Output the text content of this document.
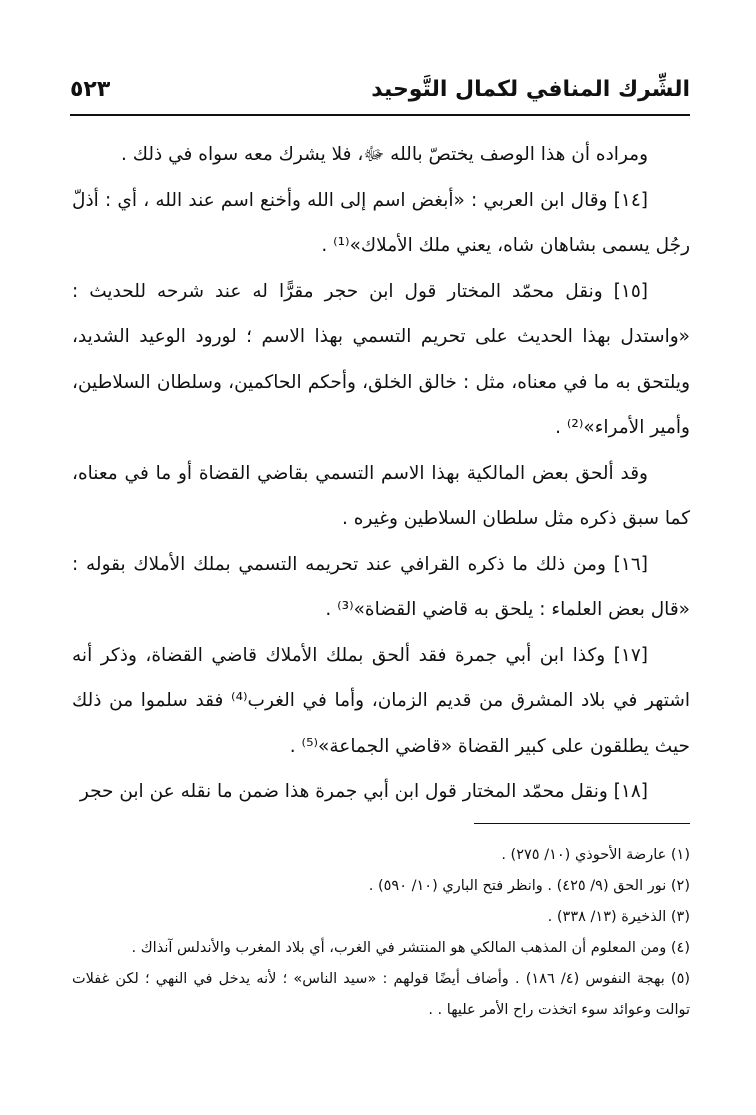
الشِّرك المنافي لكمال التَّوحيد
٥٢٣

ومراده أن هذا الوصف يختصّ بالله ﷻ، فلا يشرك معه سواه في ذلك .

[١٤] وقال ابن العربي : «أبغض اسم إلى الله وأخنع اسم عند الله ، أي : أذلّ رجُل يسمى بشاهان شاه، يعني ملك الأملاك»⁽¹⁾ .

[١٥] ونقل محمّد المختار قول ابن حجر مقرًّا له عند شرحه للحديث : «واستدل بهذا الحديث على تحريم التسمي بهذا الاسم ؛ لورود الوعيد الشديد، ويلتحق به ما في معناه، مثل : خالق الخلق، وأحكم الحاكمين، وسلطان السلاطين، وأمير الأمراء»⁽²⁾ .

وقد ألحق بعض المالكية بهذا الاسم التسمي بقاضي القضاة أو ما في معناه، كما سبق ذكره مثل سلطان السلاطين وغيره .

[١٦] ومن ذلك ما ذكره القرافي عند تحريمه التسمي بملك الأملاك بقوله : «قال بعض العلماء : يلحق به قاضي القضاة»⁽³⁾ .

[١٧] وكذا ابن أبي جمرة فقد ألحق بملك الأملاك قاضي القضاة، وذكر أنه اشتهر في بلاد المشرق من قديم الزمان، وأما في الغرب⁽⁴⁾ فقد سلموا من ذلك حيث يطلقون على كبير القضاة «قاضي الجماعة»⁽⁵⁾ .

[١٨] ونقل محمّد المختار قول ابن أبي جمرة هذا ضمن ما نقله عن ابن حجر

(١) عارضة الأحوذي (١٠/ ٢٧٥) .

(٢) نور الحق (٩/ ٤٢٥) . وانظر فتح الباري (١٠/ ٥٩٠) .

(٣) الذخيرة (١٣/ ٣٣٨) .

(٤) ومن المعلوم أن المذهب المالكي هو المنتشر في الغرب، أي بلاد المغرب والأندلس آنذاك .

(٥) بهجة النفوس (٤/ ١٨٦) . وأضاف أيضًا قولهم : «سيد الناس» ؛ لأنه يدخل في النهي ؛ لكن غفلات توالت وعوائد سوء اتخذت راح الأمر عليها . .
